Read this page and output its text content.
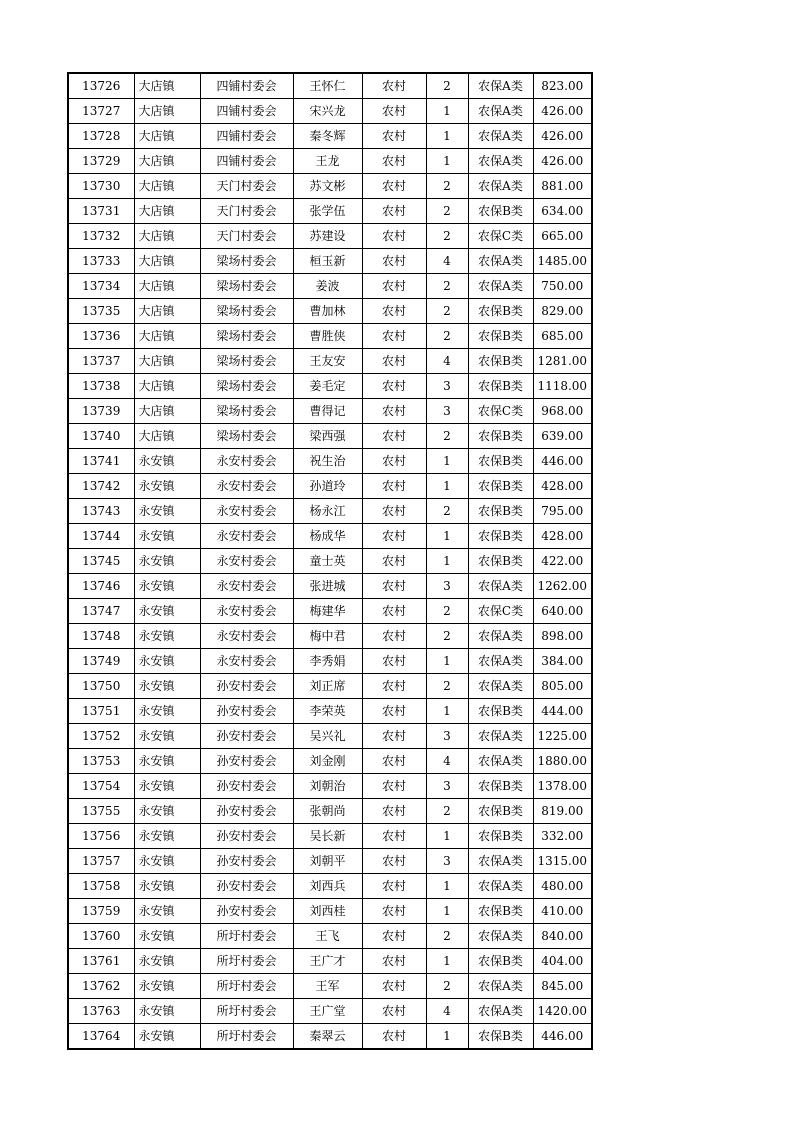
13726	大店镇	四铺村委会	王怀仁	农村	2	农保A类	823.00
13727	大店镇	四铺村委会	宋兴龙	农村	1	农保A类	426.00
13728	大店镇	四铺村委会	秦冬辉	农村	1	农保A类	426.00
13729	大店镇	四铺村委会	王龙	农村	1	农保A类	426.00
13730	大店镇	天门村委会	苏文彬	农村	2	农保A类	881.00
13731	大店镇	天门村委会	张学伍	农村	2	农保B类	634.00
13732	大店镇	天门村委会	苏建设	农村	2	农保C类	665.00
13733	大店镇	梁场村委会	桓玉新	农村	4	农保A类	1485.00
13734	大店镇	梁场村委会	姜波	农村	2	农保A类	750.00
13735	大店镇	梁场村委会	曹加林	农村	2	农保B类	829.00
13736	大店镇	梁场村委会	曹胜侠	农村	2	农保B类	685.00
13737	大店镇	梁场村委会	王友安	农村	4	农保B类	1281.00
13738	大店镇	梁场村委会	姜毛定	农村	3	农保B类	1118.00
13739	大店镇	梁场村委会	曹得记	农村	3	农保C类	968.00
13740	大店镇	梁场村委会	梁西强	农村	2	农保B类	639.00
13741	永安镇	永安村委会	祝生治	农村	1	农保B类	446.00
13742	永安镇	永安村委会	孙道玲	农村	1	农保B类	428.00
13743	永安镇	永安村委会	杨永江	农村	2	农保B类	795.00
13744	永安镇	永安村委会	杨成华	农村	1	农保B类	428.00
13745	永安镇	永安村委会	童士英	农村	1	农保B类	422.00
13746	永安镇	永安村委会	张进城	农村	3	农保A类	1262.00
13747	永安镇	永安村委会	梅建华	农村	2	农保C类	640.00
13748	永安镇	永安村委会	梅中君	农村	2	农保A类	898.00
13749	永安镇	永安村委会	李秀娟	农村	1	农保A类	384.00
13750	永安镇	孙安村委会	刘正席	农村	2	农保A类	805.00
13751	永安镇	孙安村委会	李荣英	农村	1	农保B类	444.00
13752	永安镇	孙安村委会	吴兴礼	农村	3	农保A类	1225.00
13753	永安镇	孙安村委会	刘金刚	农村	4	农保A类	1880.00
13754	永安镇	孙安村委会	刘朝治	农村	3	农保B类	1378.00
13755	永安镇	孙安村委会	张朝尚	农村	2	农保B类	819.00
13756	永安镇	孙安村委会	吴长新	农村	1	农保B类	332.00
13757	永安镇	孙安村委会	刘朝平	农村	3	农保A类	1315.00
13758	永安镇	孙安村委会	刘西兵	农村	1	农保A类	480.00
13759	永安镇	孙安村委会	刘西桂	农村	1	农保B类	410.00
13760	永安镇	所圩村委会	王飞	农村	2	农保A类	840.00
13761	永安镇	所圩村委会	王广才	农村	1	农保B类	404.00
13762	永安镇	所圩村委会	王军	农村	2	农保A类	845.00
13763	永安镇	所圩村委会	王广堂	农村	4	农保A类	1420.00
13764	永安镇	所圩村委会	秦翠云	农村	1	农保B类	446.00
